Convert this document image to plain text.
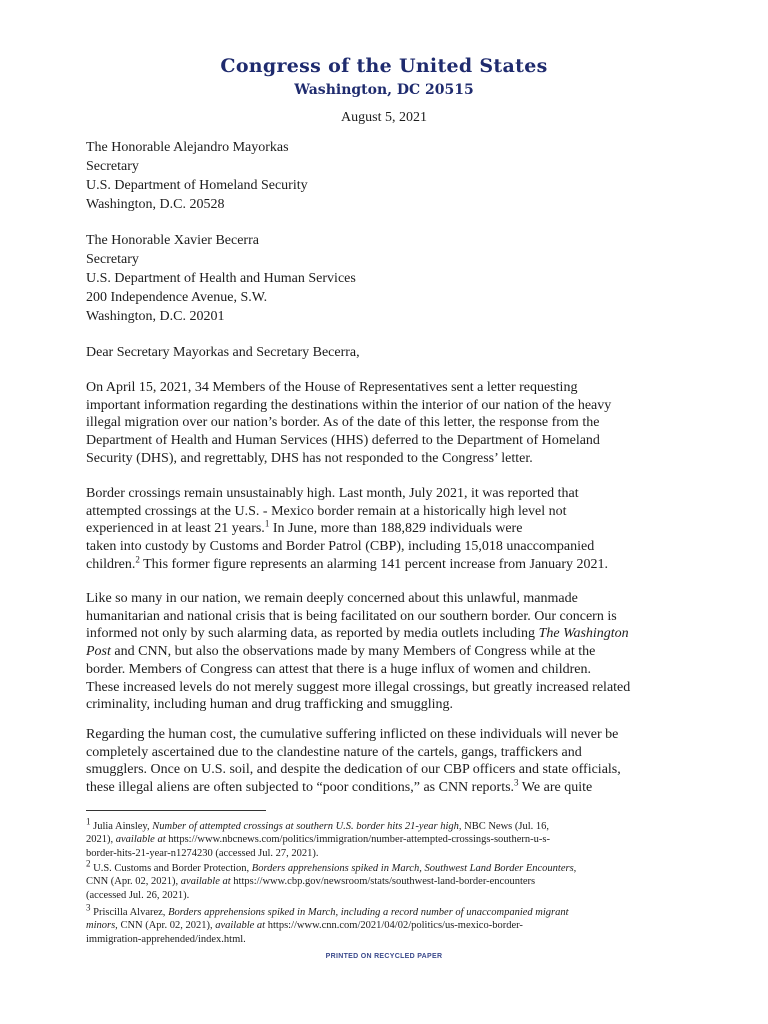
Congress of the United States
Washington, DC 20515
August 5, 2021
The Honorable Alejandro Mayorkas
Secretary
U.S. Department of Homeland Security
Washington, D.C. 20528
The Honorable Xavier Becerra
Secretary
U.S. Department of Health and Human Services
200 Independence Avenue, S.W.
Washington, D.C. 20201
Dear Secretary Mayorkas and Secretary Becerra,
On April 15, 2021, 34 Members of the House of Representatives sent a letter requesting
important information regarding the destinations within the interior of our nation of the heavy
illegal migration over our nation’s border. As of the date of this letter, the response from the
Department of Health and Human Services (HHS) deferred to the Department of Homeland
Security (DHS), and regrettably, DHS has not responded to the Congress’ letter.
Border crossings remain unsustainably high. Last month, July 2021, it was reported that
attempted crossings at the U.S. - Mexico border remain at a historically high level not
experienced in at least 21 years.$^1$ In June, more than 188,829 individuals were
taken into custody by Customs and Border Patrol (CBP), including 15,018 unaccompanied
children.$^2$ This former figure represents an alarming 141 percent increase from January 2021.
Like so many in our nation, we remain deeply concerned about this unlawful, manmade
humanitarian and national crisis that is being facilitated on our southern border. Our concern is
informed not only by such alarming data, as reported by media outlets including The Washington
Post and CNN, but also the observations made by many Members of Congress while at the
border. Members of Congress can attest that there is a huge influx of women and children.
These increased levels do not merely suggest more illegal crossings, but greatly increased related
criminality, including human and drug trafficking and smuggling.
Regarding the human cost, the cumulative suffering inflicted on these individuals will never be
completely ascertained due to the clandestine nature of the cartels, gangs, traffickers and
smugglers. Once on U.S. soil, and despite the dedication of our CBP officers and state officials,
these illegal aliens are often subjected to “poor conditions,” as CNN reports.$^3$ We are quite
$^1$ Julia Ainsley, Number of attempted crossings at southern U.S. border hits 21-year high, NBC News (Jul. 16,
2021), available at https://www.nbcnews.com/politics/immigration/number-attempted-crossings-southern-u-s-
border-hits-21-year-n1274230 (accessed Jul. 27, 2021).
$^2$ U.S. Customs and Border Protection, Borders apprehensions spiked in March, Southwest Land Border Encounters,
CNN (Apr. 02, 2021), available at https://www.cbp.gov/newsroom/stats/southwest-land-border-encounters
(accessed Jul. 26, 2021).
$^3$ Priscilla Alvarez, Borders apprehensions spiked in March, including a record number of unaccompanied migrant
minors, CNN (Apr. 02, 2021), available at https://www.cnn.com/2021/04/02/politics/us-mexico-border-
immigration-apprehended/index.html.
PRINTED ON RECYCLED PAPER
